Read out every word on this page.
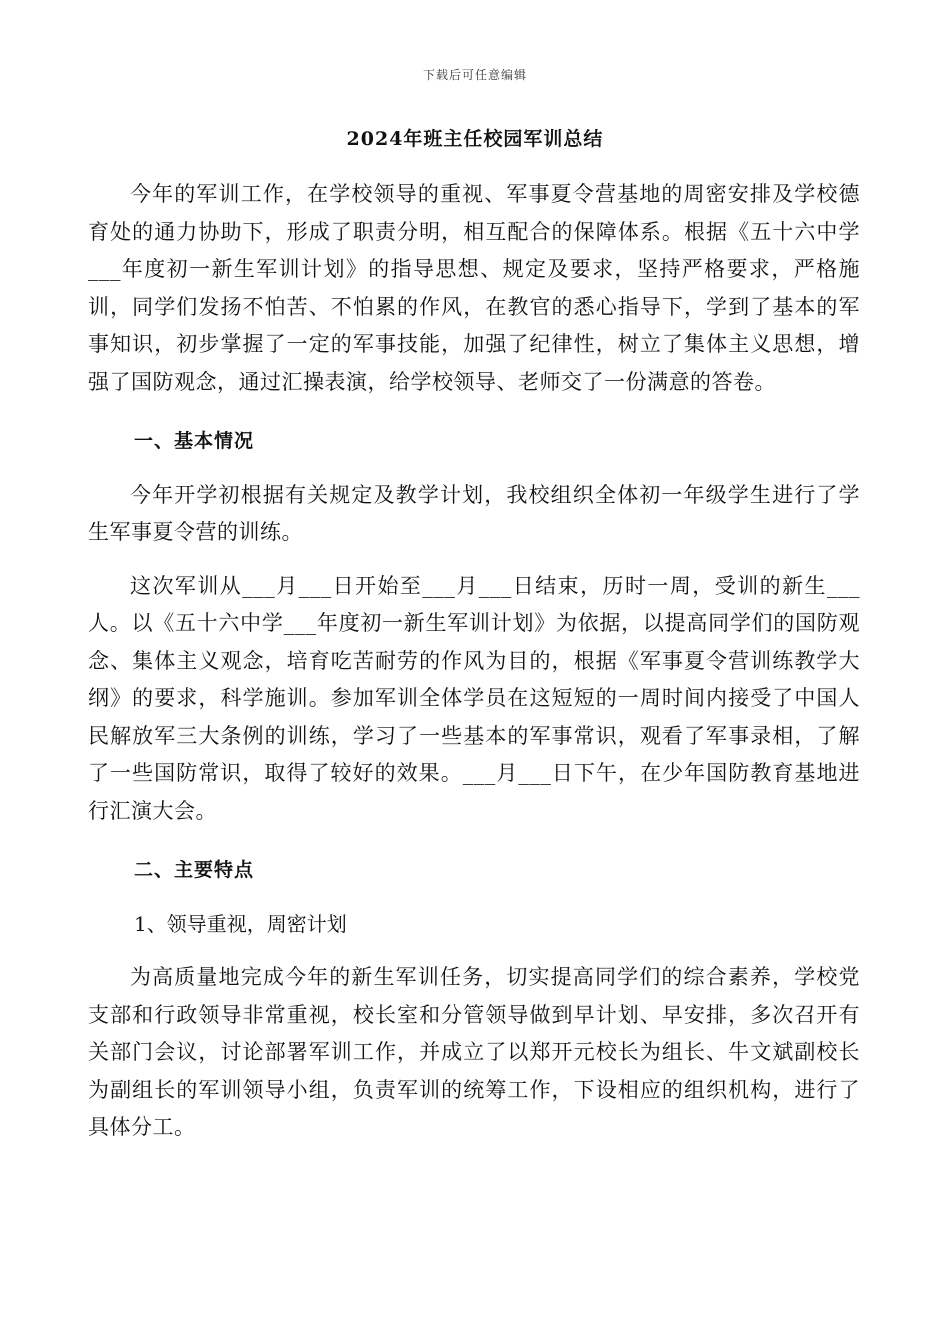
下载后可任意编辑
2024年班主任校园军训总结

今年的军训工作，在学校领导的重视、军事夏令营基地的周密安排及学校德育处的通力协助下，形成了职责分明，相互配合的保障体系。根据《五十六中学___年度初一新生军训计划》的指导思想、规定及要求，坚持严格要求，严格施训，同学们发扬不怕苦、不怕累的作风，在教官的悉心指导下，学到了基本的军事知识，初步掌握了一定的军事技能，加强了纪律性，树立了集体主义思想，增强了国防观念，通过汇操表演，给学校领导、老师交了一份满意的答卷。

一、基本情况

今年开学初根据有关规定及教学计划，我校组织全体初一年级学生进行了学生军事夏令营的训练。

这次军训从___月___日开始至___月___日结束，历时一周，受训的新生___人。以《五十六中学___年度初一新生军训计划》为依据，以提高同学们的国防观念、集体主义观念，培育吃苦耐劳的作风为目的，根据《军事夏令营训练教学大纲》的要求，科学施训。参加军训全体学员在这短短的一周时间内接受了中国人民解放军三大条例的训练，学习了一些基本的军事常识，观看了军事录相，了解了一些国防常识，取得了较好的效果。___月___日下午，在少年国防教育基地进行汇演大会。

二、主要特点

1、领导重视，周密计划

为高质量地完成今年的新生军训任务，切实提高同学们的综合素养，学校党支部和行政领导非常重视，校长室和分管领导做到早计划、早安排，多次召开有关部门会议，讨论部署军训工作，并成立了以郑开元校长为组长、牛文斌副校长为副组长的军训领导小组，负责军训的统筹工作，下设相应的组织机构，进行了具体分工。
